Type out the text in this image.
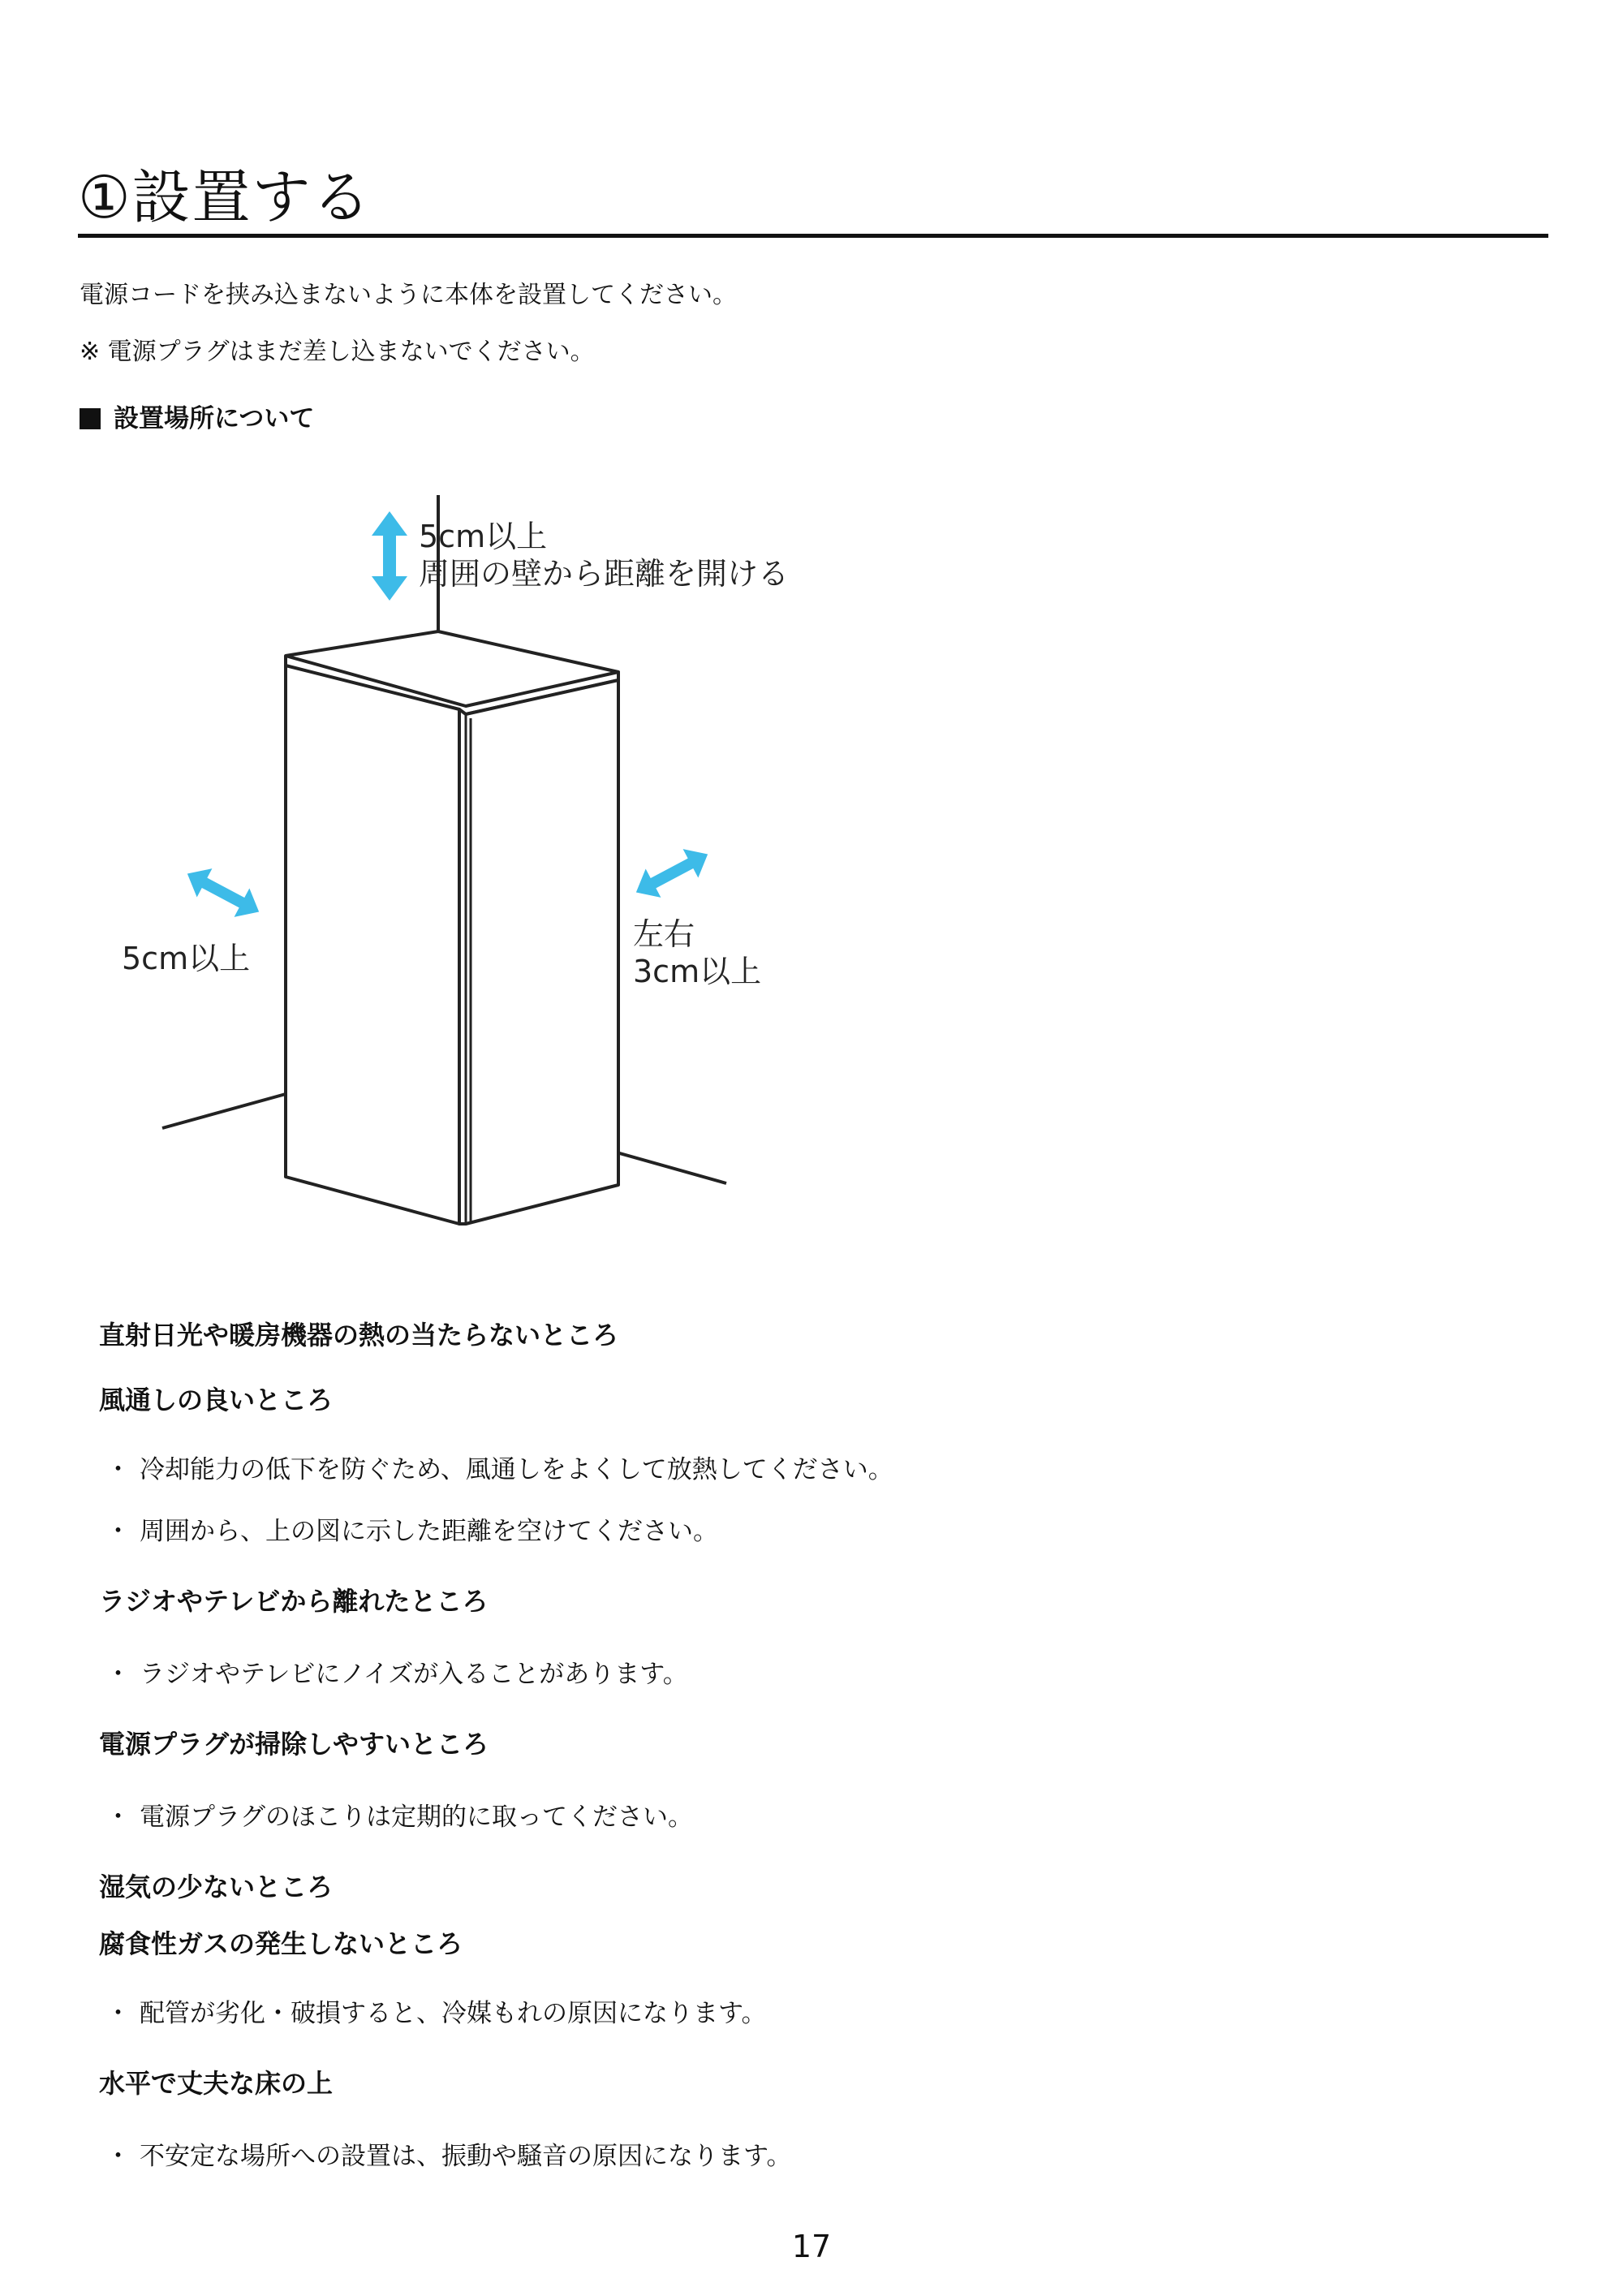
①設置する
電源コードを挟み込まないように本体を設置してください。
※ 電源プラグはまだ差し込まないでください。
設置場所について
5cm以上
周囲の壁から距離を開ける
5cm以上
左右
3cm以上
直射日光や暖房機器の熱の当たらないところ
風通しの良いところ
・ 冷却能力の低下を防ぐため、風通しをよくして放熱してください。
・ 周囲から、上の図に示した距離を空けてください。
ラジオやテレビから離れたところ
・ ラジオやテレビにノイズが入ることがあります。
電源プラグが掃除しやすいところ
・ 電源プラグのほこりは定期的に取ってください。
湿気の少ないところ
腐食性ガスの発生しないところ
・ 配管が劣化・破損すると、冷媒もれの原因になります。
水平で丈夫な床の上
・ 不安定な場所への設置は、振動や騒音の原因になります。
17
